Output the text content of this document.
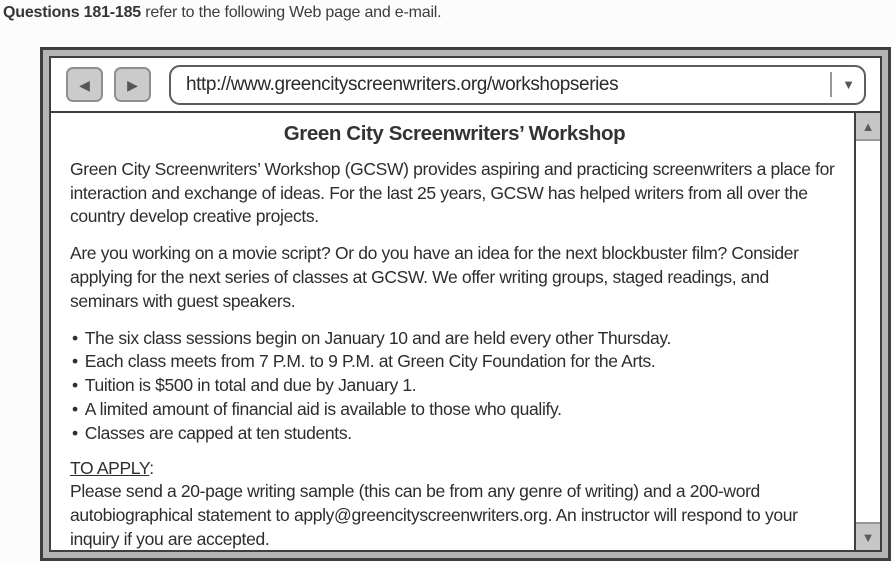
Questions 181-185 refer to the following Web page and e-mail.

◀	▶	http://www.greencityscreenwriters.org/workshopseries	▼
Green City Screenwriters’ Workshop

Green City Screenwriters’ Workshop (GCSW) provides aspiring and practicing screenwriters a place for interaction and exchange of ideas. For the last 25 years, GCSW has helped writers from all over the country develop creative projects.

Are you working on a movie script? Or do you have an idea for the next blockbuster film? Consider applying for the next series of classes at GCSW. We offer writing groups, staged readings, and seminars with guest speakers.

• The six class sessions begin on January 10 and are held every other Thursday.
• Each class meets from 7 P.M. to 9 P.M. at Green City Foundation for the Arts.
• Tuition is $500 in total and due by January 1.
• A limited amount of financial aid is available to those who qualify.
• Classes are capped at ten students.

TO APPLY:

Please send a 20-page writing sample (this can be from any genre of writing) and a 200-word autobiographical statement to apply@greencityscreenwriters.org. An instructor will respond to your inquiry if you are accepted.

▲
▼
